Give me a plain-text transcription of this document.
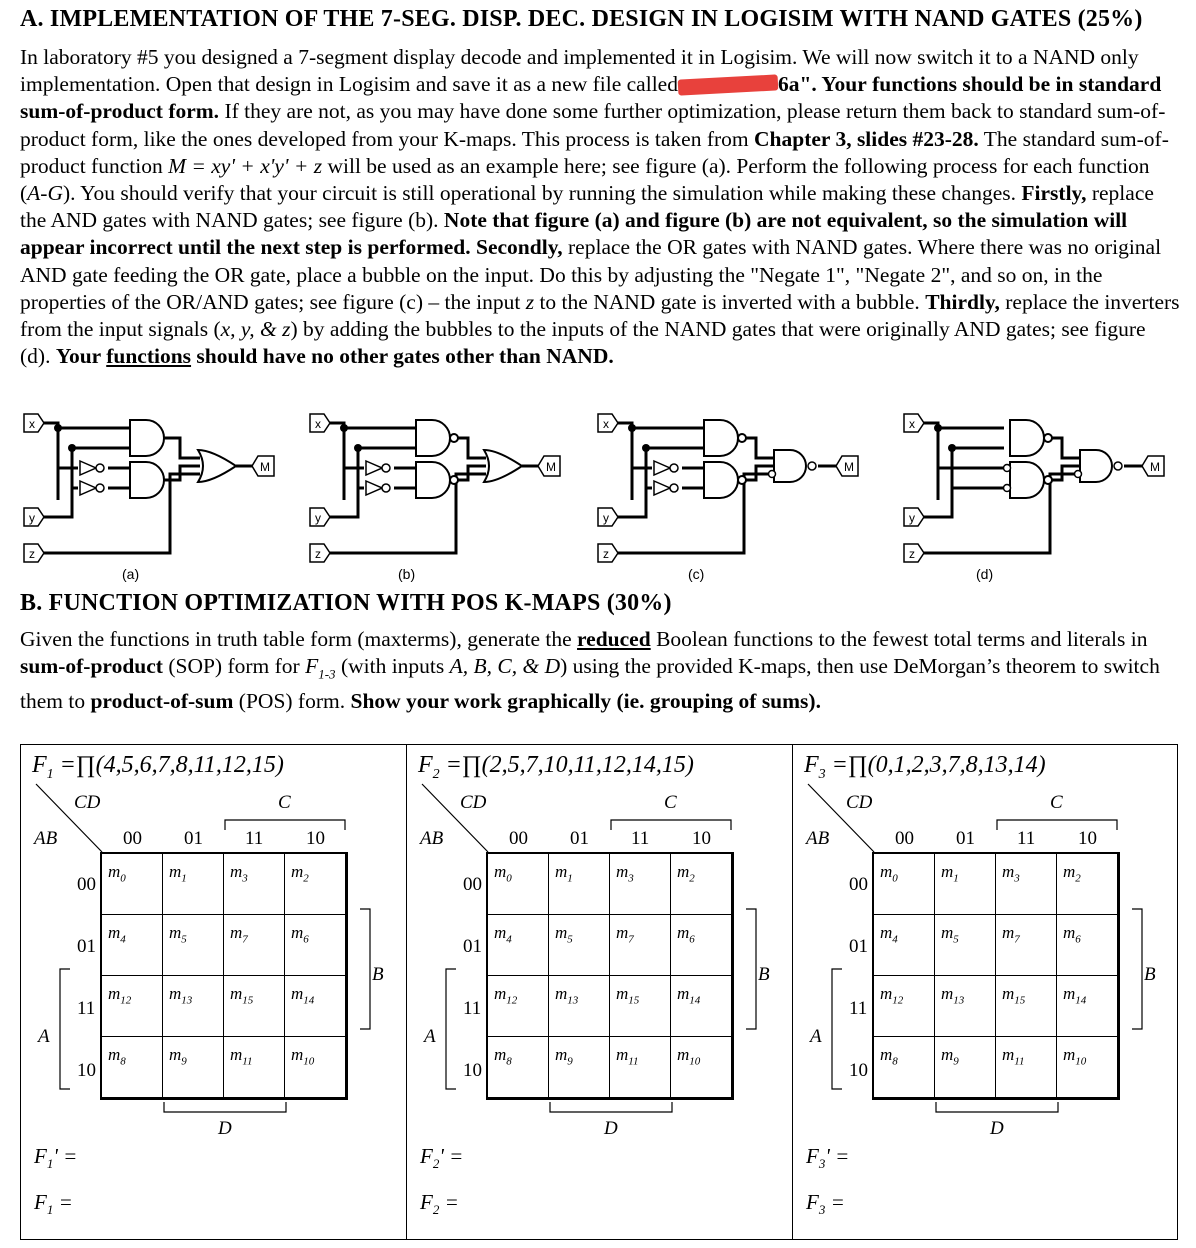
A. IMPLEMENTATION OF THE 7-SEG. DISP. DEC. DESIGN IN LOGISIM WITH NAND GATES (25%)
In laboratory #5 you designed a 7-segment display decode and implemented it in Logisim. We will now switch it to a NAND only implementation. Open that design in Logisim and save it as a new file called	6a". Your functions should be in standard sum-of-product form. If they are not, as you may have done some further optimization, please return them back to standard sum-of-product form, like the ones developed from your K-maps. This process is taken from Chapter 3, slides #23-28. The standard sum-of-product function M = xy' + x'y' + z will be used as an example here; see figure (a). Perform the following process for each function (A-G). You should verify that your circuit is still operational by running the simulation while making these changes. Firstly, replace the AND gates with NAND gates; see figure (b). Note that figure (a) and figure (b) are not equivalent, so the simulation will appear incorrect until the next step is performed. Secondly, replace the OR gates with NAND gates. Where there was no original AND gate feeding the OR gate, place a bubble on the input. Do this by adjusting the "Negate 1", "Negate 2", and so on, in the properties of the OR/AND gates; see figure (c) – the input z to the NAND gate is inverted with a bubble. Thirdly, replace the inverters from the input signals (x, y, & z) by adding the bubbles to the inputs of the NAND gates that were originally AND gates; see figure (d). Your functions should have no other gates other than NAND.
x
y
z
M
x
y
z
M
x
y
z
M
x
y
z
M
(a)	(b)	(c)	(d)
B. FUNCTION OPTIMIZATION WITH POS K-MAPS (30%)
Given the functions in truth table form (maxterms), generate the reduced Boolean functions to the fewest total terms and literals in sum-of-product (SOP) form for $F_{1-3}$ (with inputs A, B, C, & D) using the provided K-maps, then use DeMorgan’s theorem to switch them to product-of-sum (POS) form. Show your work graphically (ie. grouping of sums).
$F_1$ =∏(4,5,6,7,8,11,12,15)
CD
AB
C
B
A
D
00 01 11 10
00
01
11
10
$m_0$	$m_1$	$m_3$	$m_2$
$m_4$	$m_5$	$m_7$	$m_6$
$m_{12}$ $m_{13}$ $m_{15}$ $m_{14}$
$m_8$	$m_9$	$m_{11}$ $m_{10}$
$F_1'$ =
$F_1$ =
$F_2$ =∏(2,5,7,10,11,12,14,15)
CD
AB
C
B
A
D
00 01 11 10
00
01
11
10
$m_0$	$m_1$	$m_3$	$m_2$
$m_4$	$m_5$	$m_7$	$m_6$
$m_{12}$ $m_{13}$ $m_{15}$ $m_{14}$
$m_8$	$m_9$	$m_{11}$ $m_{10}$
$F_2'$ =
$F_2$ =
$F_3$ =∏(0,1,2,3,7,8,13,14)
CD
AB
C
B
A
D
00 01 11 10
00
01
11
10
$m_0$	$m_1$	$m_3$	$m_2$
$m_4$	$m_5$	$m_7$	$m_6$
$m_{12}$ $m_{13}$ $m_{15}$ $m_{14}$
$m_8$	$m_9$	$m_{11}$ $m_{10}$
$F_3'$ =
$F_3$ =
